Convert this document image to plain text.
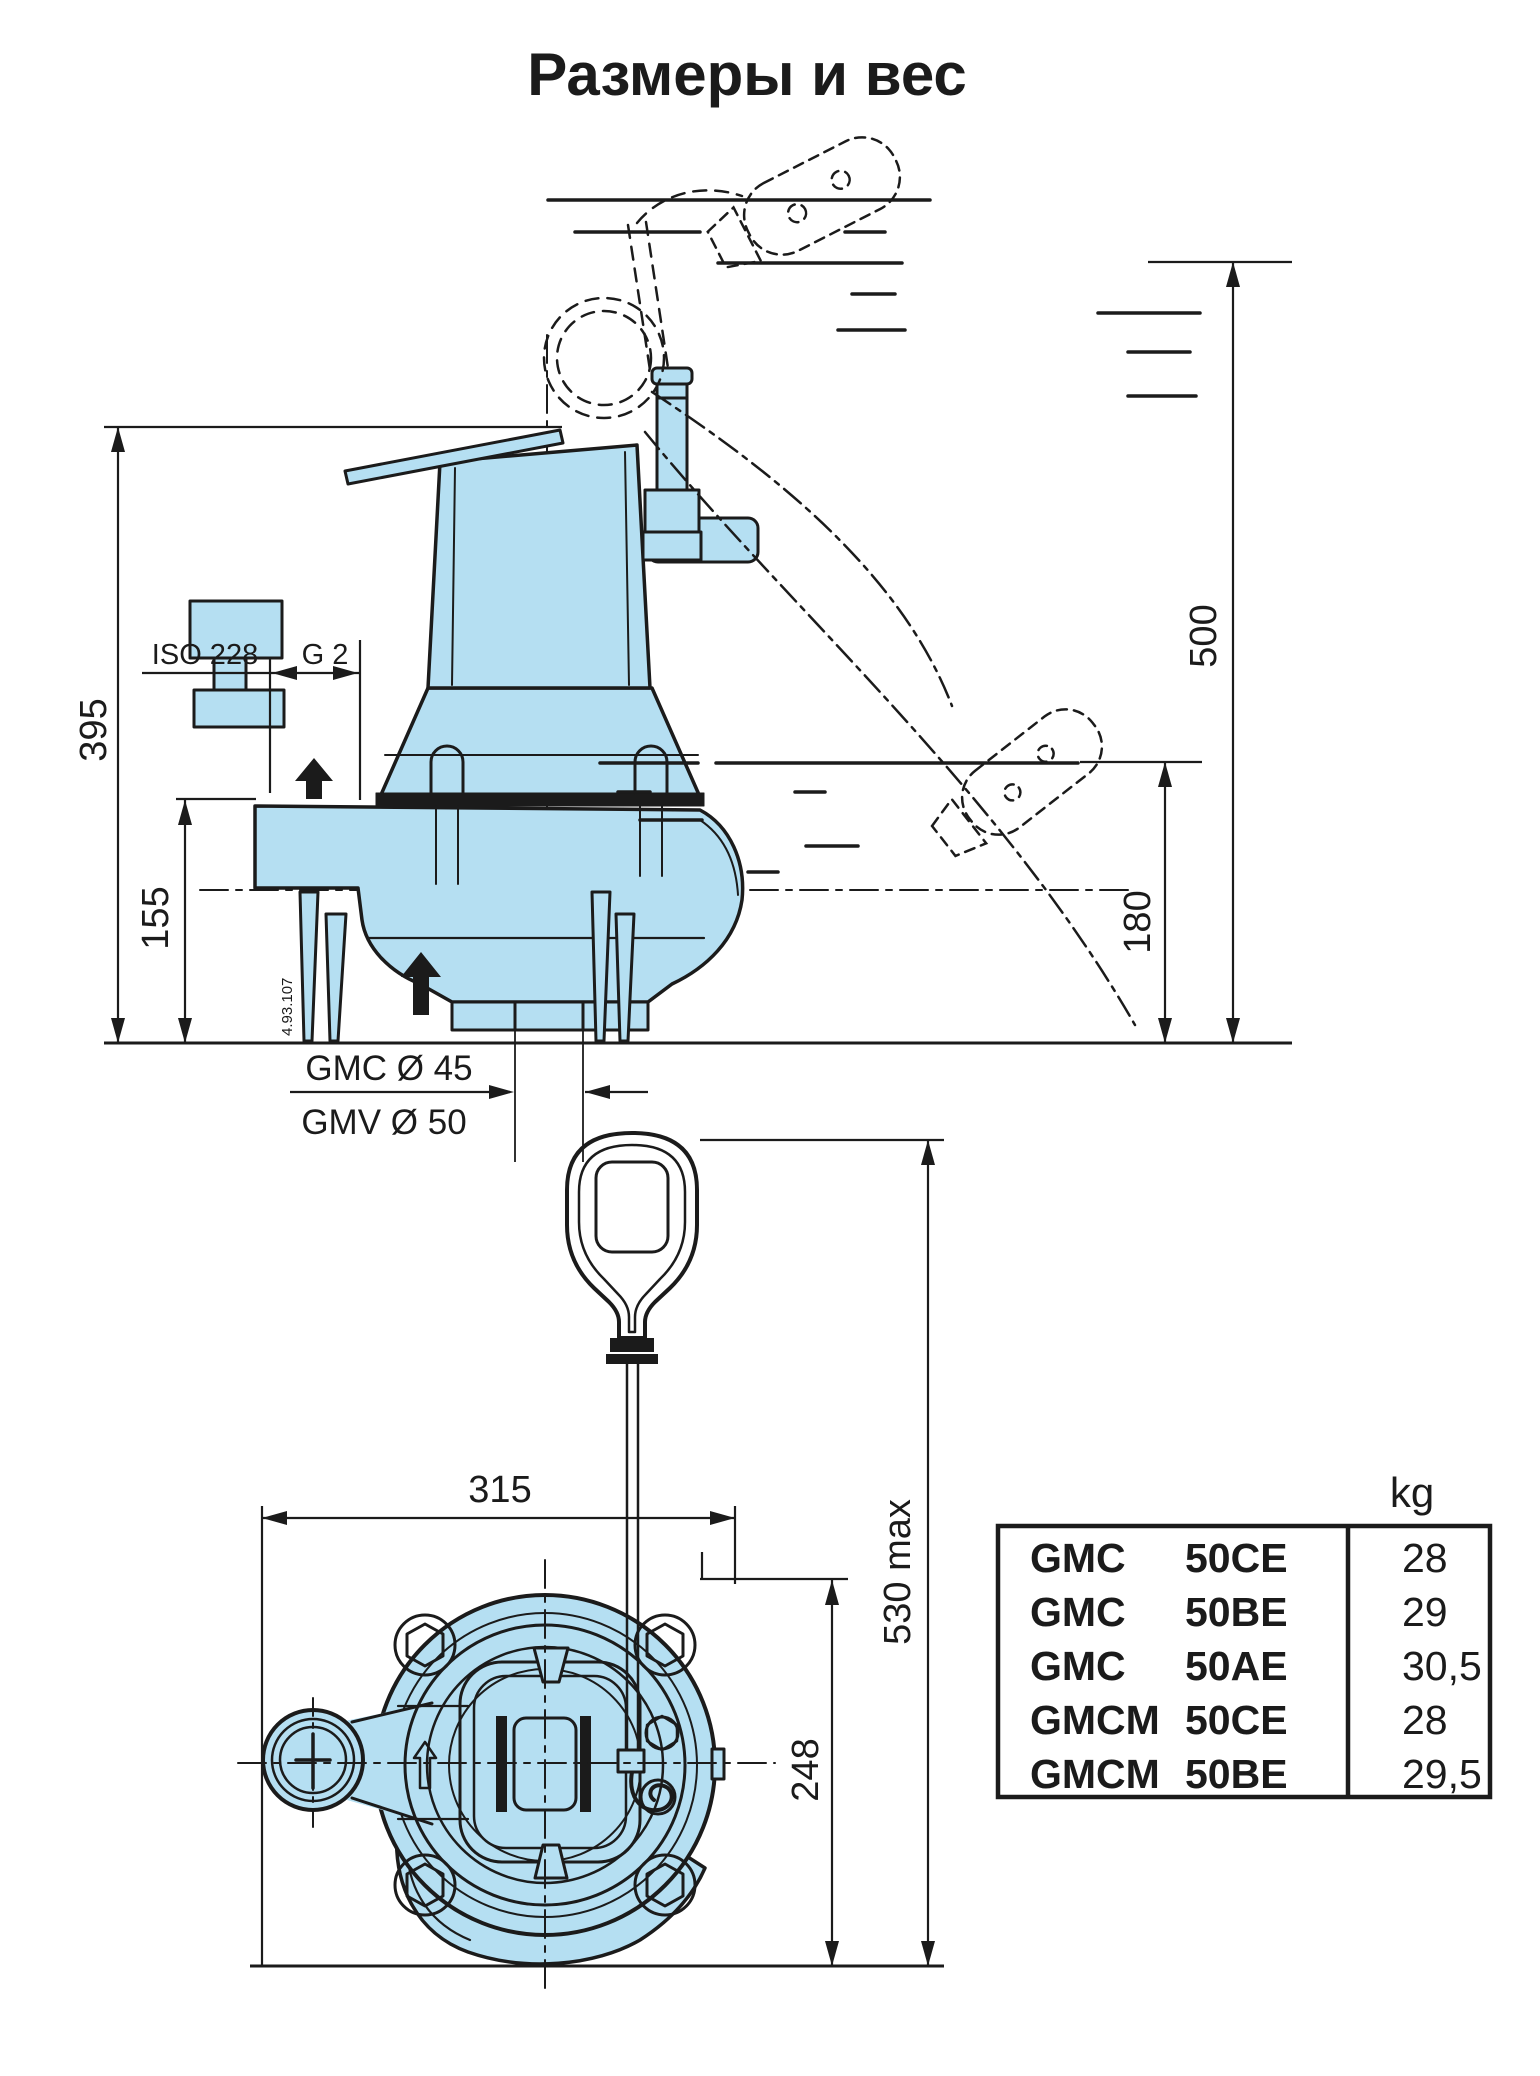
Размеры и вес
395
155
500
180
ISO 228 G 2
GMC Ø 45
GMV Ø 50
4.93.107
315
248
530 max
kg
GMC 50CE	28
GMC 50BE	29
GMC 50AE	30,5
GMCM 50CE	28
GMCM 50BE	29,5
